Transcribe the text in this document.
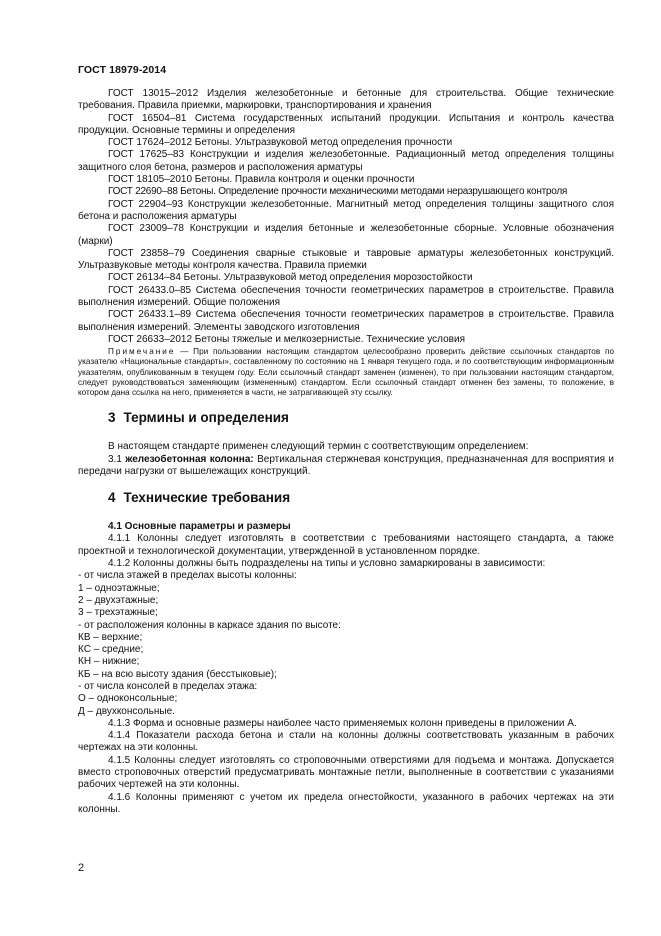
ГОСТ 18979-2014

ГОСТ 13015–2012 Изделия железобетонные и бетонные для строительства. Общие технические требования. Правила приемки, маркировки, транспортирования и хранения

ГОСТ 16504–81 Система государственных испытаний продукции. Испытания и контроль качества продукции. Основные термины и определения

ГОСТ 17624–2012 Бетоны. Ультразвуковой метод определения прочности

ГОСТ 17625–83 Конструкции и изделия железобетонные. Радиационный метод определения толщины защитного слоя бетона, размеров и расположения арматуры

ГОСТ 18105–2010 Бетоны. Правила контроля и оценки прочности

ГОСТ 22690–88 Бетоны. Определение прочности механическими методами неразрушающего контроля

ГОСТ 22904–93 Конструкции железобетонные. Магнитный метод определения толщины защитного слоя бетона и расположения арматуры

ГОСТ 23009–78 Конструкции и изделия бетонные и железобетонные сборные. Условные обозначения (марки)

ГОСТ 23858–79 Соединения сварные стыковые и тавровые арматуры железобетонных конструкций. Ультразвуковые методы контроля качества. Правила приемки

ГОСТ 26134–84 Бетоны. Ультразвуковой метод определения морозостойкости

ГОСТ 26433.0–85 Система обеспечения точности геометрических параметров в строительстве. Правила выполнения измерений. Общие положения

ГОСТ 26433.1–89 Система обеспечения точности геометрических параметров в строительстве. Правила выполнения измерений. Элементы заводского изготовления

ГОСТ 26633–2012 Бетоны тяжелые и мелкозернистые. Технические условия

Примечание — При пользовании настоящим стандартом целесообразно проверить действие ссылочных стандартов по указателю «Национальные стандарты», составленному по состоянию на 1 января текущего года, и по соответствующим информационным указателям, опубликованным в текущем году. Если ссылочный стандарт заменен (изменен), то при пользовании настоящим стандартом, следует руководствоваться заменяющим (измененным) стандартом. Если ссылочный стандарт отменен без замены, то положение, в котором дана ссылка на него, применяется в части, не затрагивающей эту ссылку.

3 Термины и определения

В настоящем стандарте применен следующий термин с соответствующим определением:

3.1 железобетонная колонна: Вертикальная стержневая конструкция, предназначенная для восприятия и передачи нагрузки от вышележащих конструкций.

4 Технические требования

4.1 Основные параметры и размеры

4.1.1 Колонны следует изготовлять в соответствии с требованиями настоящего стандарта, а также проектной и технологической документации, утвержденной в установленном порядке.

4.1.2 Колонны должны быть подразделены на типы и условно замаркированы в зависимости:

- от числа этажей в пределах высоты колонны:

1 – одноэтажные;

2 – двухэтажные;

3 – трехэтажные;

- от расположения колонны в каркасе здания по высоте:

КВ – верхние;

КС – средние;

КН – нижние;

КБ – на всю высоту здания (бесстыковые);

- от числа консолей в пределах этажа:

О – одноконсольные;

Д – двухконсольные.

4.1.3 Форма и основные размеры наиболее часто применяемых колонн приведены в приложении А.

4.1.4 Показатели расхода бетона и стали на колонны должны соответствовать указанным в рабочих чертежах на эти колонны.

4.1.5 Колонны следует изготовлять со строповочными отверстиями для подъема и монтажа. Допускается вместо строповочных отверстий предусматривать монтажные петли, выполненные в соответствии с указаниями рабочих чертежей на эти колонны.

4.1.6 Колонны применяют с учетом их предела огнестойкости, указанного в рабочих чертежах на эти колонны.

2
